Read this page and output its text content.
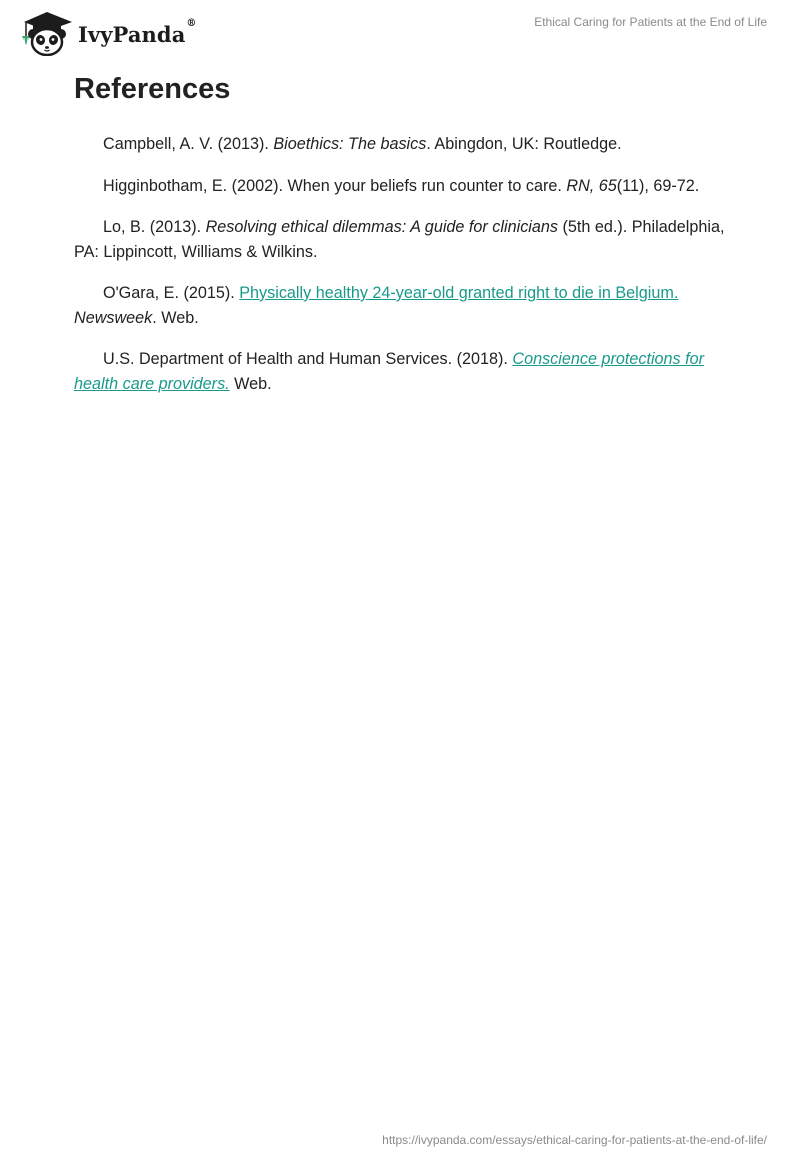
IvyPanda®	Ethical Caring for Patients at the End of Life
References
Campbell, A. V. (2013). Bioethics: The basics. Abingdon, UK: Routledge.
Higginbotham, E. (2002). When your beliefs run counter to care. RN, 65(11), 69-72.
Lo, B. (2013). Resolving ethical dilemmas: A guide for clinicians (5th ed.). Philadelphia, PA: Lippincott, Williams & Wilkins.
O'Gara, E. (2015). Physically healthy 24-year-old granted right to die in Belgium. Newsweek. Web.
U.S. Department of Health and Human Services. (2018). Conscience protections for health care providers. Web.
https://ivypanda.com/essays/ethical-caring-for-patients-at-the-end-of-life/
